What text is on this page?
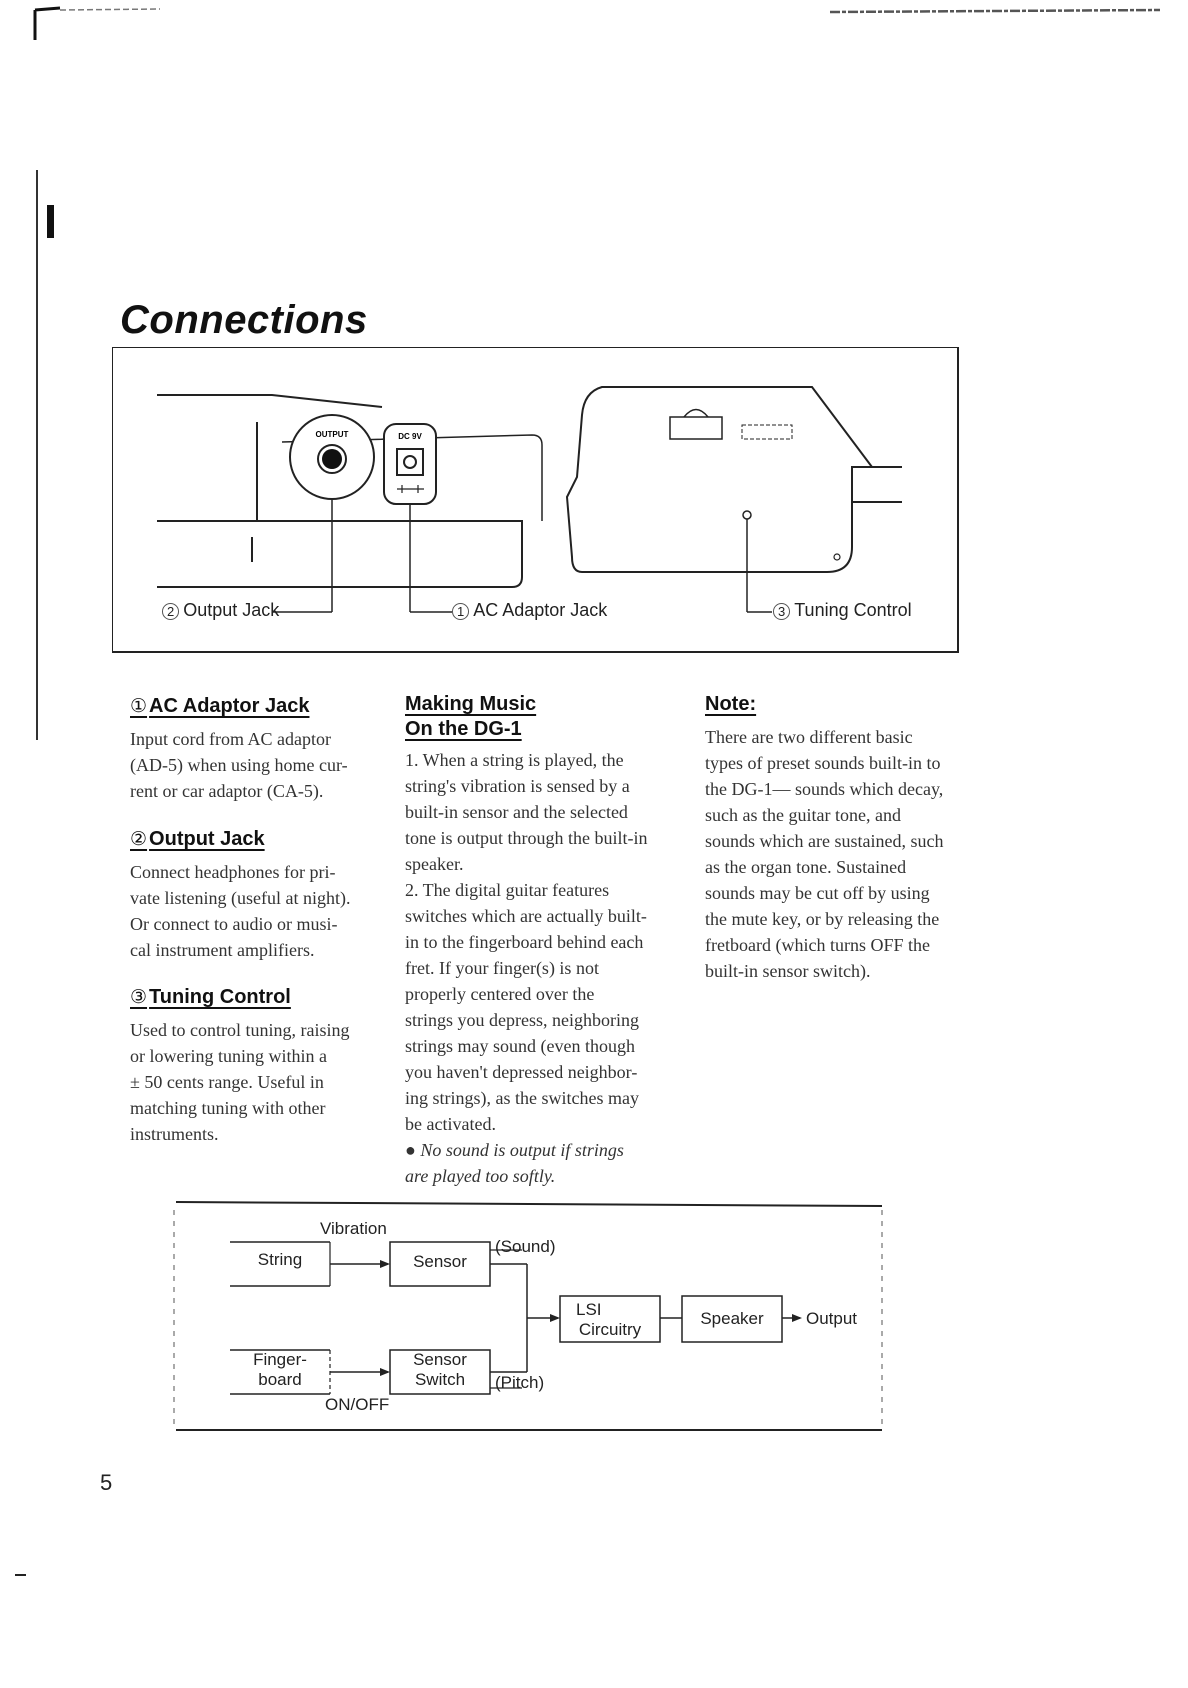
Connections
OUTPUT	DC 9V
2 Output Jack	1 AC Adaptor Jack	3 Tuning Control
① AC Adaptor Jack

Input cord from AC adaptor

(AD-5) when using home cur-

rent or car adaptor (CA-5).

② Output Jack

Connect headphones for pri-

vate listening (useful at night).

Or connect to audio or musi-

cal instrument amplifiers.

③ Tuning Control

Used to control tuning, raising

or lowering tuning within a

± 50 cents range. Useful in

matching tuning with other

instruments.

Making Music
On the DG-1

1. When a string is played, the

string's vibration is sensed by a

built-in sensor and the selected

tone is output through the built-in

speaker.

2. The digital guitar features

switches which are actually built-

in to the fingerboard behind each

fret. If your finger(s) is not

properly centered over the

strings you depress, neighboring

strings may sound (even though

you haven't depressed neighbor-

ing strings), as the switches may

be activated.

● No sound is output if strings

are played too softly.

Note:

There are two different basic

types of preset sounds built-in to

the DG-1— sounds which decay,

such as the guitar tone, and

sounds which are sustained, such

as the organ tone. Sustained

sounds may be cut off by using

the mute key, or by releasing the

fretboard (which turns OFF the

built-in sensor switch).

Vibration
String	Sensor
(Sound)
LSI
Circuitry
Speaker	Output
Finger-
board
Sensor
Switch	(Pitch)
ON/OFF
5
